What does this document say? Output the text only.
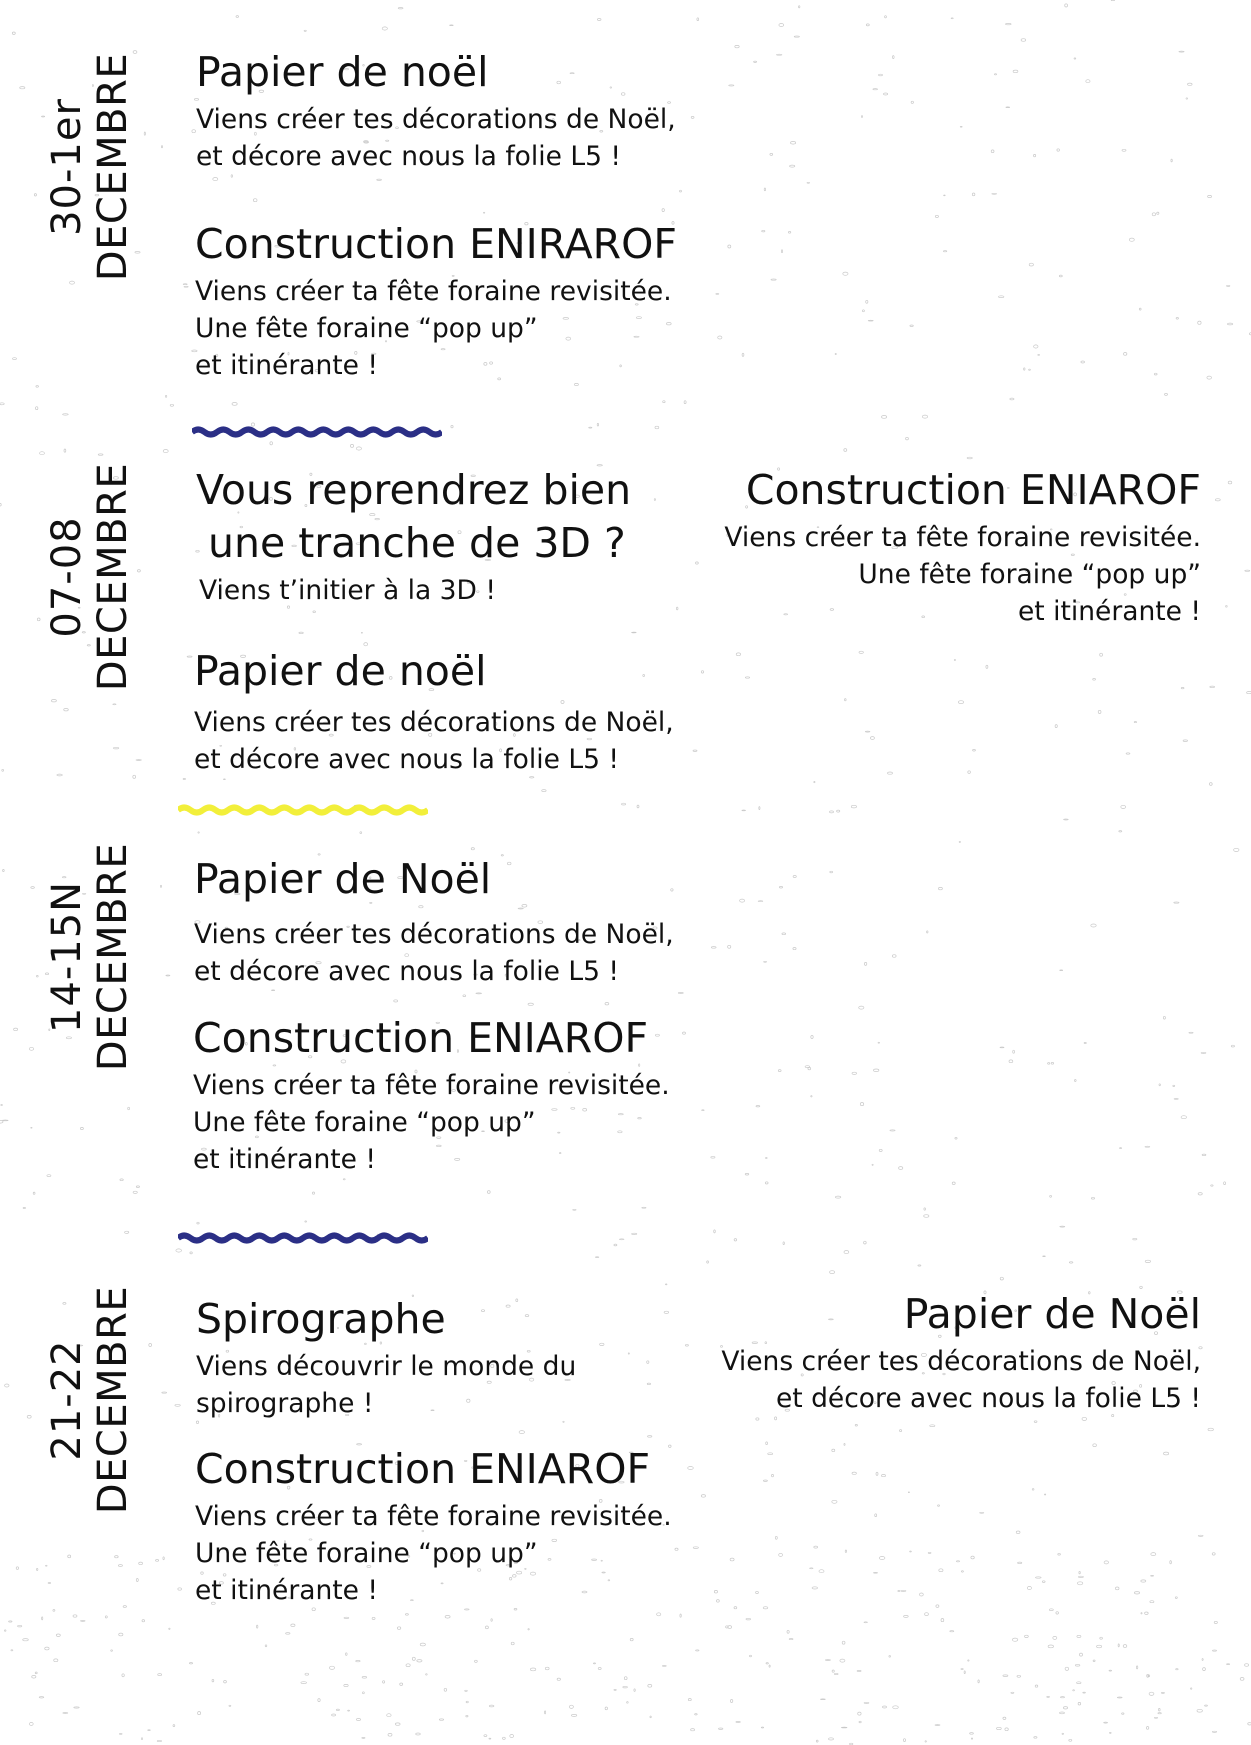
30-1er DECEMBRE Papier de noël
Viens créer tes décorations de Noël,
et décore avec nous la folie L5 !
Construction ENIRAROF
Viens créer ta fête foraine revisitée.
Une fête foraine “pop up”
et itinérante !
07-08 DECEMBRE Vous reprendrez bien
une tranche de 3D ?
Viens t’initier à la 3D !
Papier de noël
Viens créer tes décorations de Noël,
et décore avec nous la folie L5 !
Construction ENIAROF
Viens créer ta fête foraine revisitée.
Une fête foraine “pop up”
et itinérante !
14-15N DECEMBRE Papier de Noël
Viens créer tes décorations de Noël,
et décore avec nous la folie L5 !
Construction ENIAROF
Viens créer ta fête foraine revisitée.
Une fête foraine “pop up”
et itinérante !
21-22 DECEMBRE Spirographe
Viens découvrir le monde du
spirographe !
Construction ENIAROF
Viens créer ta fête foraine revisitée.
Une fête foraine “pop up”
et itinérante !
Papier de Noël
Viens créer tes décorations de Noël,
et décore avec nous la folie L5 !
